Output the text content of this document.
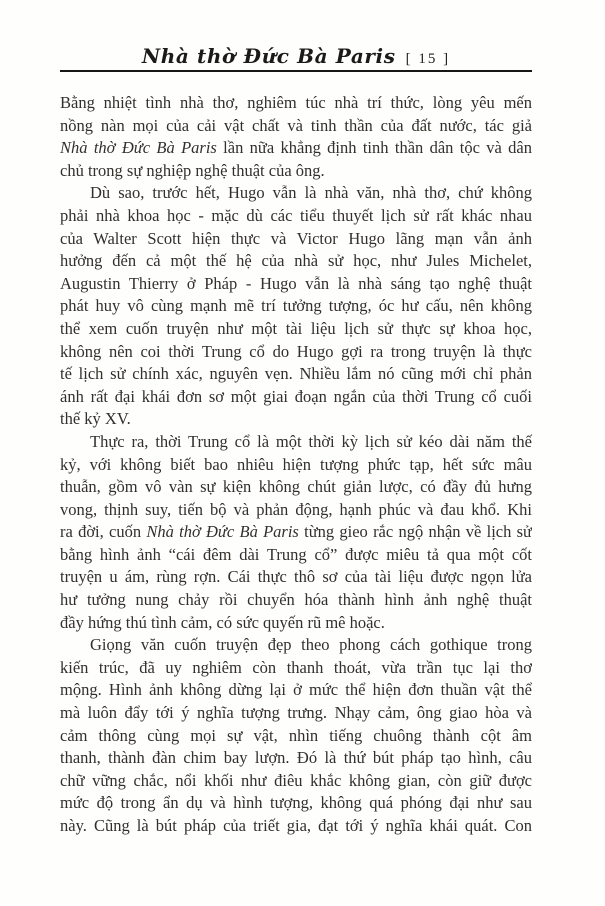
Nhà thờ Đức Bà Paris [ 15 ]
Bằng nhiệt tình nhà thơ, nghiêm túc nhà trí thức, lòng yêu mến
nồng nàn mọi của cải vật chất và tinh thần của đất nước, tác giả
Nhà thờ Đức Bà Paris lần nữa khẳng định tinh thần dân tộc và dân
chủ trong sự nghiệp nghệ thuật của ông.
Dù sao, trước hết, Hugo vẫn là nhà văn, nhà thơ, chứ không
phải nhà khoa học - mặc dù các tiểu thuyết lịch sử rất khác nhau
của Walter Scott hiện thực và Victor Hugo lãng mạn vẫn ảnh
hưởng đến cả một thế hệ của nhà sử học, như Jules Michelet,
Augustin Thierry ở Pháp - Hugo vẫn là nhà sáng tạo nghệ thuật
phát huy vô cùng mạnh mẽ trí tưởng tượng, óc hư cấu, nên không
thể xem cuốn truyện như một tài liệu lịch sử thực sự khoa học,
không nên coi thời Trung cổ do Hugo gợi ra trong truyện là thực
tế lịch sử chính xác, nguyên vẹn. Nhiều lắm nó cũng mới chỉ phản
ánh rất đại khái đơn sơ một giai đoạn ngắn của thời Trung cổ cuối
thế kỷ XV.
Thực ra, thời Trung cổ là một thời kỳ lịch sử kéo dài năm thế
kỷ, với không biết bao nhiêu hiện tượng phức tạp, hết sức mâu
thuẫn, gồm vô vàn sự kiện không chút giản lược, có đầy đủ hưng
vong, thịnh suy, tiến bộ và phản động, hạnh phúc và đau khổ. Khi
ra đời, cuốn Nhà thờ Đức Bà Paris từng gieo rắc ngộ nhận về lịch sử
bằng hình ảnh “cái đêm dài Trung cổ” được miêu tả qua một cốt
truyện u ám, rùng rợn. Cái thực thô sơ của tài liệu được ngọn lửa
hư tưởng nung chảy rồi chuyển hóa thành hình ảnh nghệ thuật
đầy hứng thú tình cảm, có sức quyến rũ mê hoặc.
Giọng văn cuốn truyện đẹp theo phong cách gothique trong
kiến trúc, đã uy nghiêm còn thanh thoát, vừa trần tục lại thơ
mộng. Hình ảnh không dừng lại ở mức thể hiện đơn thuần vật thể
mà luôn đẩy tới ý nghĩa tượng trưng. Nhạy cảm, ông giao hòa và
cảm thông cùng mọi sự vật, nhìn tiếng chuông thành cột âm
thanh, thành đàn chim bay lượn. Đó là thứ bút pháp tạo hình, câu
chữ vững chắc, nổi khối như điêu khắc không gian, còn giữ được
mức độ trong ẩn dụ và hình tượng, không quá phóng đại như sau
này. Cũng là bút pháp của triết gia, đạt tới ý nghĩa khái quát. Con
